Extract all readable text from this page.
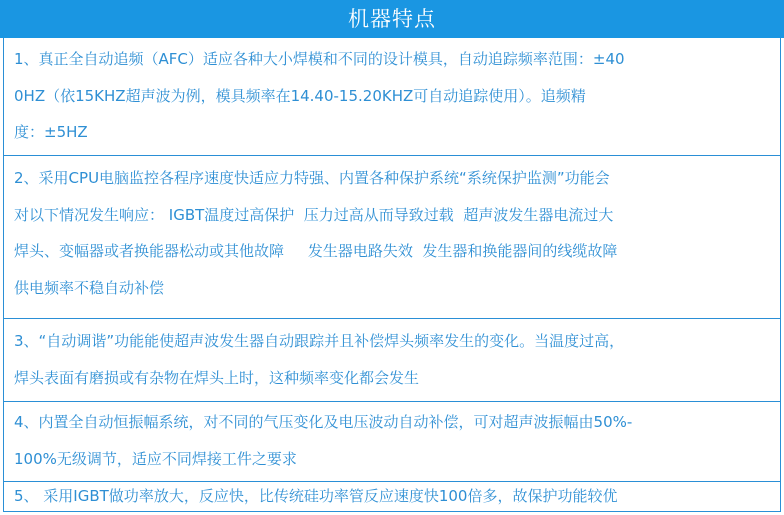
机器特点
1、真正全自动追频（AFC）适应各种大小焊模和不同的设计模具，自动追踪频率范围：±40
0HZ（依15KHZ超声波为例，模具频率在14.40-15.20KHZ可自动追踪使用）。追频精
度：±5HZ
2、采用CPU电脑监控各程序速度快适应力特强、内置各种保护系统“系统保护监测”功能会
对以下情况发生响应： IGBT温度过高保护  压力过高从而导致过载  超声波发生器电流过大
焊头、变幅器或者换能器松动或其他故障     发生器电路失效  发生器和换能器间的线缆故障
供电频率不稳自动补偿
3、“自动调谐”功能能使超声波发生器自动跟踪并且补偿焊头频率发生的变化。当温度过高，
焊头表面有磨损或有杂物在焊头上时，这种频率变化都会发生
4、内置全自动恒振幅系统，对不同的气压变化及电压波动自动补偿，可对超声波振幅由50%-
100%无级调节，适应不同焊接工件之要求
5、 采用IGBT做功率放大，反应快，比传统硅功率管反应速度快100倍多，故保护功能较优
